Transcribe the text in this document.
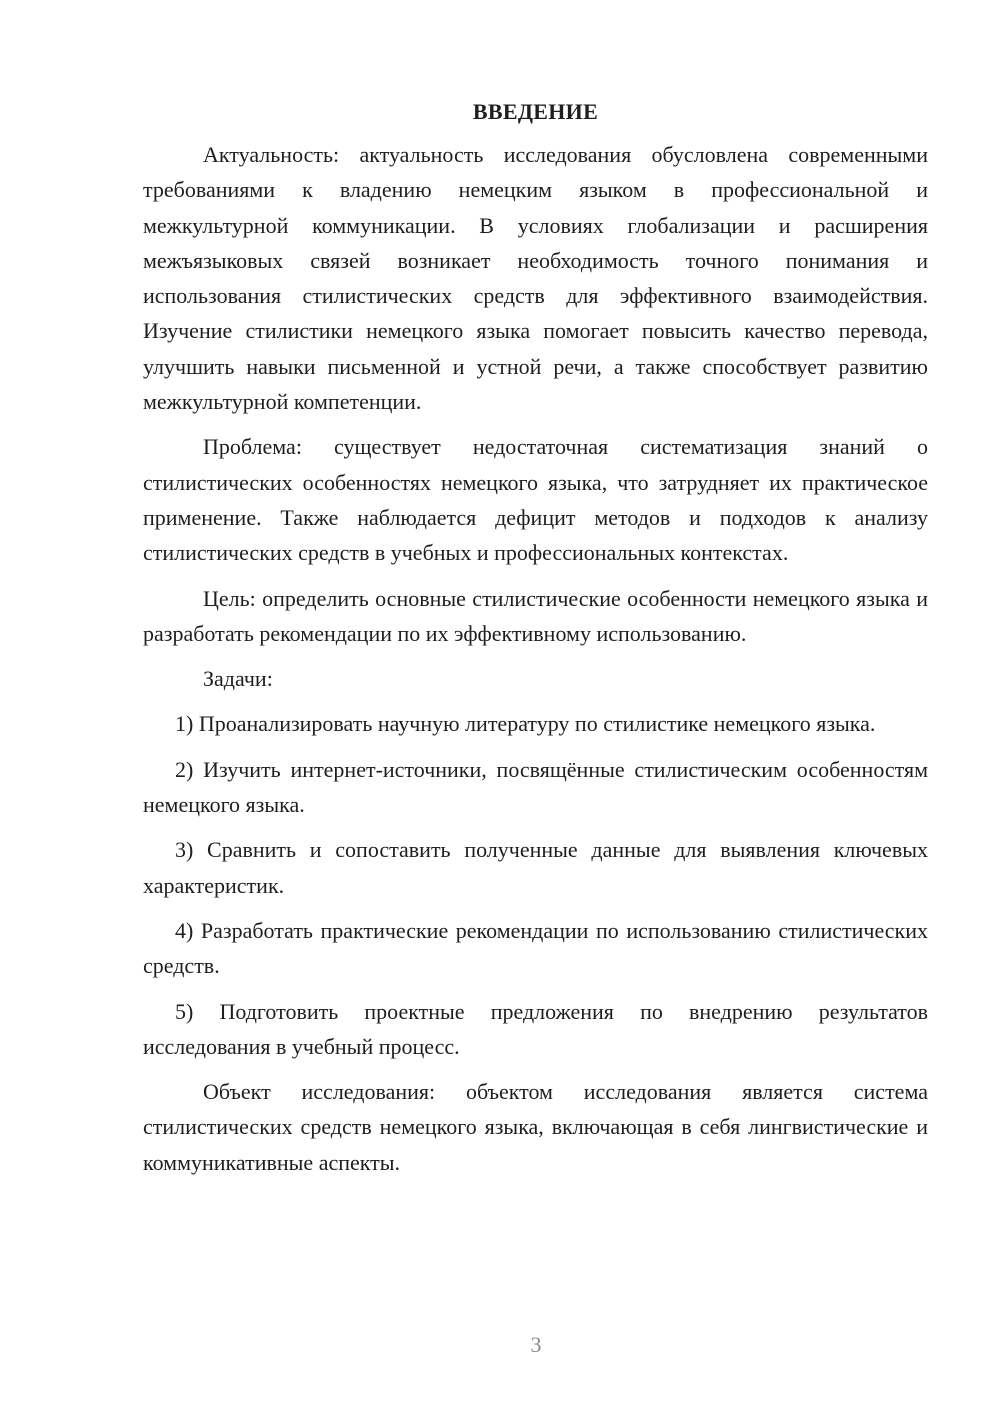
ВВЕДЕНИЕ

Актуальность: актуальность исследования обусловлена современными требованиями к владению немецким языком в профессиональной и межкультурной коммуникации. В условиях глобализации и расширения межъязыковых связей возникает необходимость точного понимания и использования стилистических средств для эффективного взаимодействия. Изучение стилистики немецкого языка помогает повысить качество перевода, улучшить навыки письменной и устной речи, а также способствует развитию межкультурной компетенции.

Проблема: существует недостаточная систематизация знаний о стилистических особенностях немецкого языка, что затрудняет их практическое применение. Также наблюдается дефицит методов и подходов к анализу стилистических средств в учебных и профессиональных контекстах.

Цель: определить основные стилистические особенности немецкого языка и разработать рекомендации по их эффективному использованию.

Задачи:

1) Проанализировать научную литературу по стилистике немецкого языка.

2) Изучить интернет-источники, посвящённые стилистическим особенностям немецкого языка.

3) Сравнить и сопоставить полученные данные для выявления ключевых характеристик.

4) Разработать практические рекомендации по использованию стилистических средств.

5) Подготовить проектные предложения по внедрению результатов исследования в учебный процесс.

Объект исследования: объектом исследования является система стилистических средств немецкого языка, включающая в себя лингвистические и коммуникативные аспекты.

3
